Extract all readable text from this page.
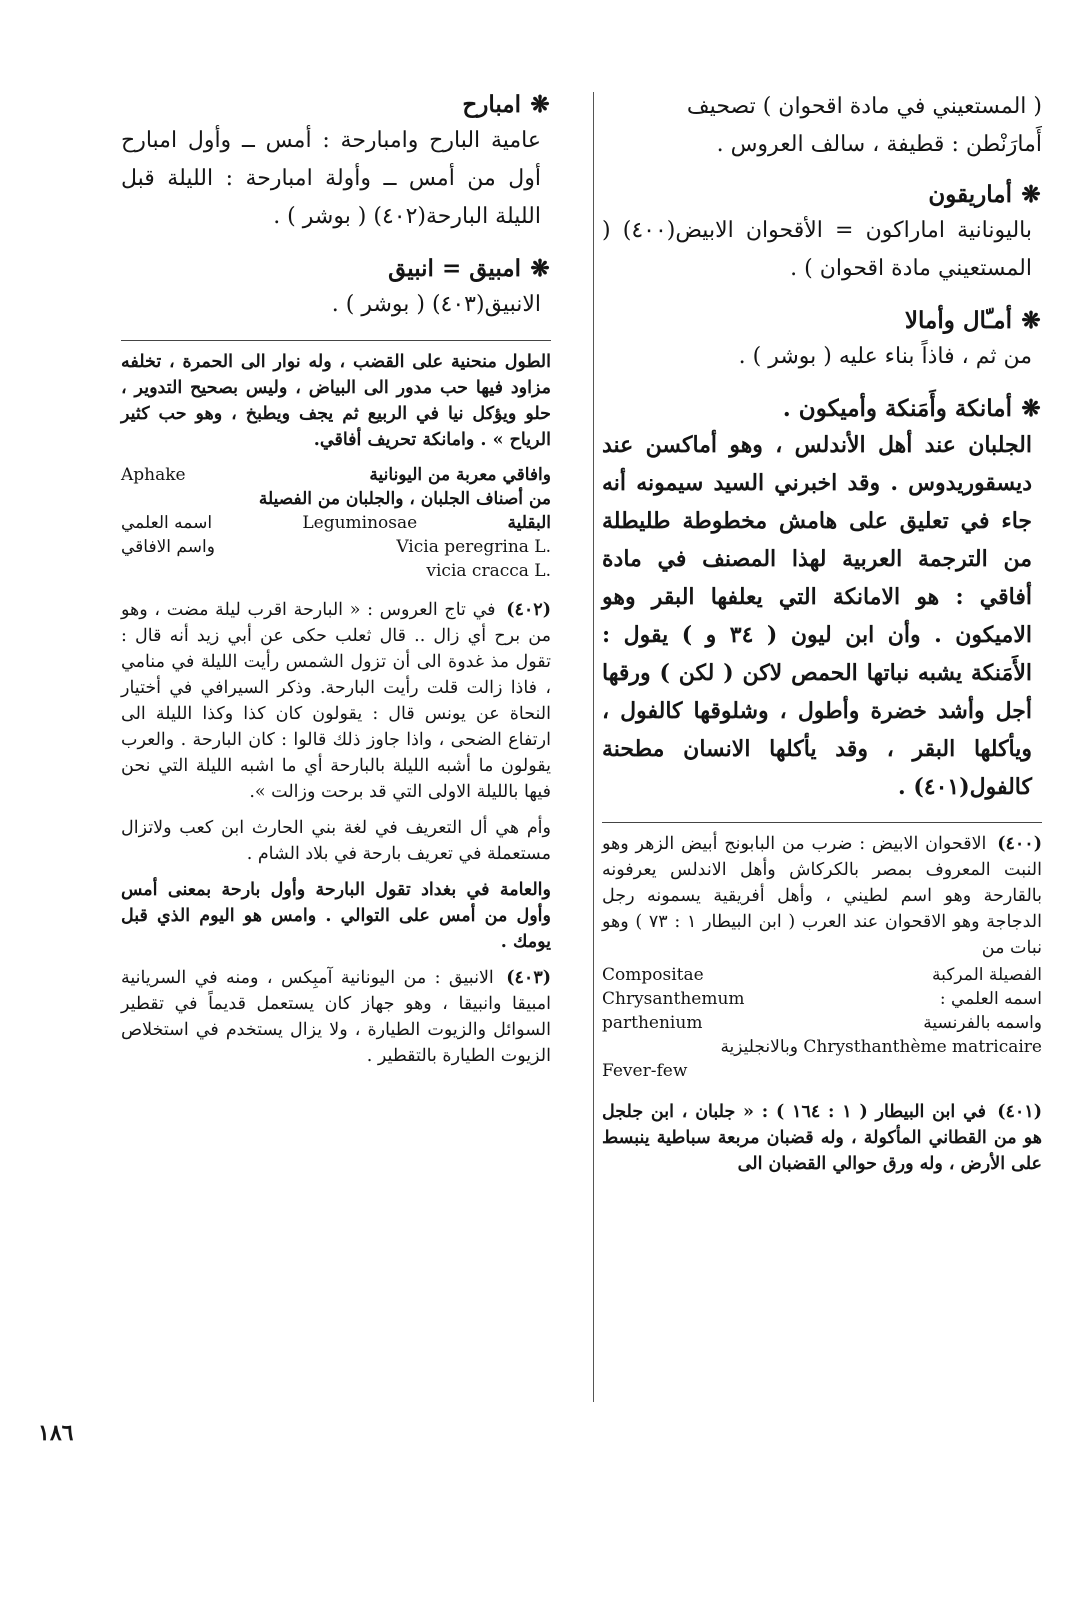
( المستعيني في مادة اقحوان ) تصحيف
أَمارَنْطن : قطيفة ، سالف العروس .

❋أماريقون

باليونانية اماراكون = الأقحوان الابيض(٤٠٠) ( المستعيني مادة اقحوان ) .

❋أمـّال وأمالا

من ثم ، فاذاً بناء عليه ( بوشر ) .

❋أمانكة وأَمَنكة وأميكون .

الجلبان عند أهل الأندلس ، وهو أماكسن عند ديسقوريدوس . وقد اخبرني السيد سيمونه أنه جاء في تعليق على هامش مخطوطة طليطلة من الترجمة العربية لهذا المصنف في مادة أفاقي : هو الامانكة التي يعلفها البقر وهو الاميكون . وأن ابن ليون ( ٣٤ و ) يقول : الأَمَنكة يشبه نباتها الحمص لاكن ( لكن ) ورقها أجل وأشد خضرة وأطول ، وشلوقها كالفول ، ويأكلها البقر ، وقد يأكلها الانسان مطحنة كالفول(٤٠١) .

(٤٠٠) الاقحوان الابيض : ضرب من البابونج أبيض الزهر وهو النبت المعروف بمصر بالكركاش وأهل الاندلس يعرفونه بالقارحة وهو اسم لطيني ، وأهل أفريقية يسمونه رجل الدجاجة وهو الاقحوان عند العرب ( ابن البيطار ١ : ٧٣ ) وهو نبات من
الفصيلة المركبة
Compositae
اسمه العلمي :
Chrysanthemum
واسمه بالفرنسية
parthenium
Chrysthanthème matricaire وبالانجليزية
Fever-few
(٤٠١) في ابن البيطار ( ١ : ١٦٤ ) : « جلبان ، ابن جلجل هو من القطاني المأكولة ، وله قضبان مربعة سباطية ينبسط على الأرض ، وله ورق حوالي القضبان الى

❋امبارح

عامية البارح وامبارحة : أمس ــ وأول امبارح أول من أمس ــ وأولة امبارحة : الليلة قبل الليلة البارحة(٤٠٢) ( بوشر ) .

❋امبيق = انبيق

الانبيق(٤٠٣) ( بوشر ) .

الطول منحنية على القضب ، وله نوار الى الحمرة ، تخلفه مزاود فيها حب مدور الى البياض ، وليس بصحيح التدوير ، حلو ويؤكل نيا في الربيع ثم يجف ويطبخ ، وهو حب كثير الرياح » . وامانكة تحريف أفاقي.

وافاقي معربة من اليونانية
Aphake
من أصناف الجلبان ، والجلبان من الفصيلة
البقلية
Leguminosae
اسمه العلمي
Vicia peregrina L.
واسم الافاقي
vicia cracca L.
(٤٠٢) في تاج العروس : « البارحة اقرب ليلة مضت ، وهو من برح أي زال .. قال ثعلب حكى عن أبي زيد أنه قال : تقول مذ غدوة الى أن تزول الشمس رأيت الليلة في منامي ، فاذا زالت قلت رأيت البارحة. وذكر السيرافي في أختيار النحاة عن يونس قال : يقولون كان كذا وكذا الليلة الى ارتفاع الضحى ، واذا جاوز ذلك قالوا : كان البارحة . والعرب يقولون ما أشبه الليلة بالبارحة أي ما اشبه الليلة التي نحن فيها بالليلة الاولى التي قد برحت وزالت ».

وأم هي أل التعريف في لغة بني الحارث ابن كعب ولاتزال مستعملة في تعريف بارحة في بلاد الشام .

والعامة في بغداد تقول البارحة وأول بارحة بمعنى أمس وأول من أمس على التوالي . وامس هو اليوم الذي قبل يومك .

(٤٠٣) الانبيق : من اليونانية آمبِكس ، ومنه في السريانية امبيقا وانبيقا ، وهو جهاز كان يستعمل قديماً في تقطير السوائل والزيوت الطيارة ، ولا يزال يستخدم في استخلاص الزيوت الطيارة بالتقطير .
١٨٦
